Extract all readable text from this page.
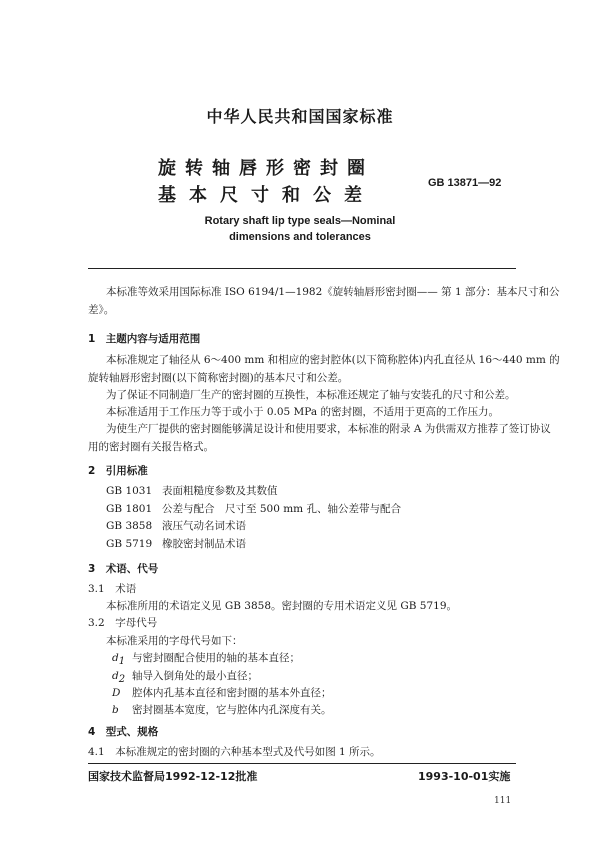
中华人民共和国国家标准
旋转轴唇形密封圈
基本尺寸和公差
GB 13871—92
Rotary shaft lip type seals—Nominal
dimensions and tolerances
本标准等效采用国际标准 ISO 6194/1—1982《旋转轴唇形密封圈—— 第 1 部分：基本尺寸和公
差》。
1　主题内容与适用范围
本标准规定了轴径从 6～400 mm 和相应的密封腔体(以下简称腔体)内孔直径从 16～440 mm 的
旋转轴唇形密封圈(以下简称密封圈)的基本尺寸和公差。
为了保证不同制造厂生产的密封圈的互换性，本标准还规定了轴与安装孔的尺寸和公差。
本标准适用于工作压力等于或小于 0.05 MPa 的密封圈，不适用于更高的工作压力。
为使生产厂提供的密封圈能够满足设计和使用要求，本标准的附录 A 为供需双方推荐了签订协议
用的密封圈有关报告格式。
2　引用标准
GB 1031 表面粗糙度参数及其数值
GB 1801 公差与配合　尺寸至 500 mm 孔、轴公差带与配合
GB 3858 液压气动名词术语
GB 5719 橡胶密封制品术语
3　术语、代号
3.1　 术语
本标准所用的术语定义见 GB 3858。密封圈的专用术语定义见 GB 5719。
3.2　 字母代号
本标准采用的字母代号如下：
$d_1$ 与密封圈配合使用的轴的基本直径；
$d_2$ 轴导入倒角处的最小直径；
D 腔体内孔基本直径和密封圈的基本外直径；
b 密封圈基本宽度，它与腔体内孔深度有关。
4　型式、规格
4.1　 本标准规定的密封圈的六种基本型式及代号如图 1 所示。
国家技术监督局1992-12-12批准	1993-10-01实施
111
